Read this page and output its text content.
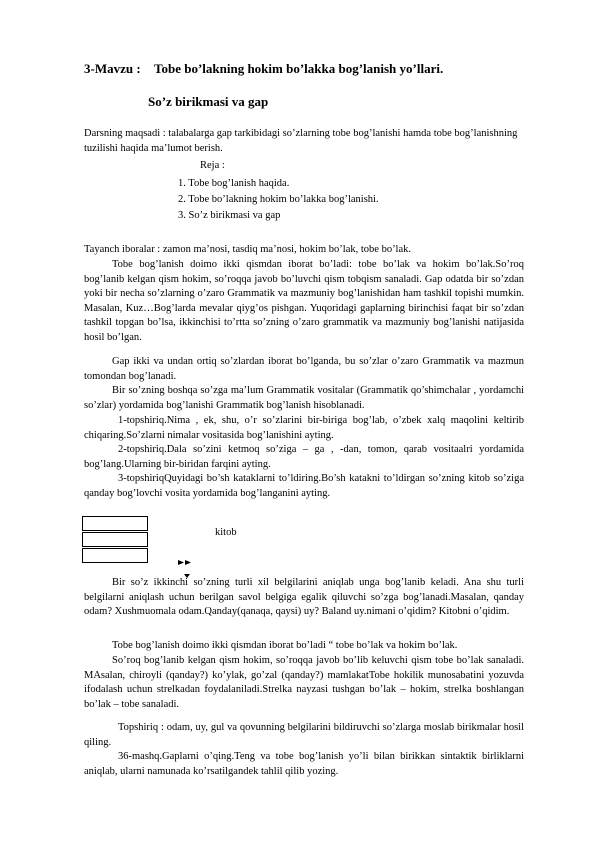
3-Mavzu : Tobe bo’lakning hokim bo’lakka bog’lanish yo’llari.
So’z birikmasi va gap
Darsning maqsadi : talabalarga gap tarkibidagi so’zlarning tobe bog’lanishi hamda tobe bog’lanishning tuzilishi haqida ma’lumot berish.
Reja :
1. Tobe bog’lanish haqida.
2. Tobe bo’lakning hokim bo’lakka bog’lanishi.
3. So’z birikmasi va gap
Tayanch iboralar : zamon ma’nosi, tasdiq ma’nosi, hokim bo’lak, tobe bo’lak.
Tobe bog’lanish doimo ikki qismdan iborat bo’ladi: tobe bo’lak va hokim bo’lak.So’roq bog’lanib kelgan qism hokim, so’roqqa javob bo’luvchi qism tobqism sanaladi. Gap odatda bir so’zdan yoki bir necha so’zlarning o’zaro Grammatik va mazmuniy bog’lanishidan ham tashkil topishi mumkin. Masalan, Kuz…Bog’larda mevalar qiyg’os pishgan. Yuqoridagi gaplarning birinchisi faqat bir so’zdan tashkil topgan bo’lsa, ikkinchisi to’rtta so’zning o’zaro grammatik va mazmuniy bog’lanishi natijasida hosil bo’lgan.
Gap ikki va undan ortiq so’zlardan iborat bo’lganda, bu so’zlar o’zaro Grammatik va mazmun tomondan bog’lanadi.
Bir so’zning boshqa so’zga ma’lum Grammatik vositalar (Grammatik qo’shimchalar , yordamchi so’zlar) yordamida bog’lanishi Grammatik bog’lanish hisoblanadi.
1-topshiriq.Nima , ek, shu, o’r so’zlarini bir-biriga bog’lab, o’zbek xalq maqolini keltirib chiqaring.So’zlarni nimalar vositasida bog’lanishini ayting.
2-topshiriq.Dala so’zini ketmoq so’ziga – ga , -dan, tomon, qarab vositaalri yordamida bog’lang.Ularning bir-biridan farqini ayting.
3-topshiriqQuyidagi bo’sh kataklarni to’ldiring.Bo’sh katakni to’ldirgan so’zning kitob so’ziga qanday bog’lovchi vosita yordamida bog’langanini ayting.
kitob
Bir so’z ikkinchi so’zning turli xil belgilarini aniqlab unga bog’lanib keladi. Ana shu turli belgilarni aniqlash uchun berilgan savol belgiga egalik qiluvchi so’zga bog’lanadi.Masalan, qanday odam? Xushmuomala odam.Qanday(qanaqa, qaysi) uy? Baland uy.nimani o’qidim? Kitobni o’qidim.
Tobe bog’lanish doimo ikki qismdan iborat bo’ladi “ tobe bo’lak va hokim bo’lak.
So’roq bog’lanib kelgan qism hokim, so’roqqa javob bo’lib keluvchi qism tobe bo’lak sanaladi. MAsalan, chiroyli (qanday?) ko’ylak, go’zal (qanday?) mamlakatTobe hokilik munosabatini yozuvda ifodalash uchun strelkadan foydalaniladi.Strelka nayzasi tushgan bo’lak – hokim, strelka boshlangan bo’lak – tobe sanaladi.
Topshiriq : odam, uy, gul va qovunning belgilarini bildiruvchi so’zlarga moslab birikmalar hosil qiling.
36-mashq.Gaplarni o’qing.Teng va tobe bog’lanish yo’li bilan birikkan sintaktik birliklarni aniqlab, ularni namunada ko’rsatilgandek tahlil qilib yozing.
